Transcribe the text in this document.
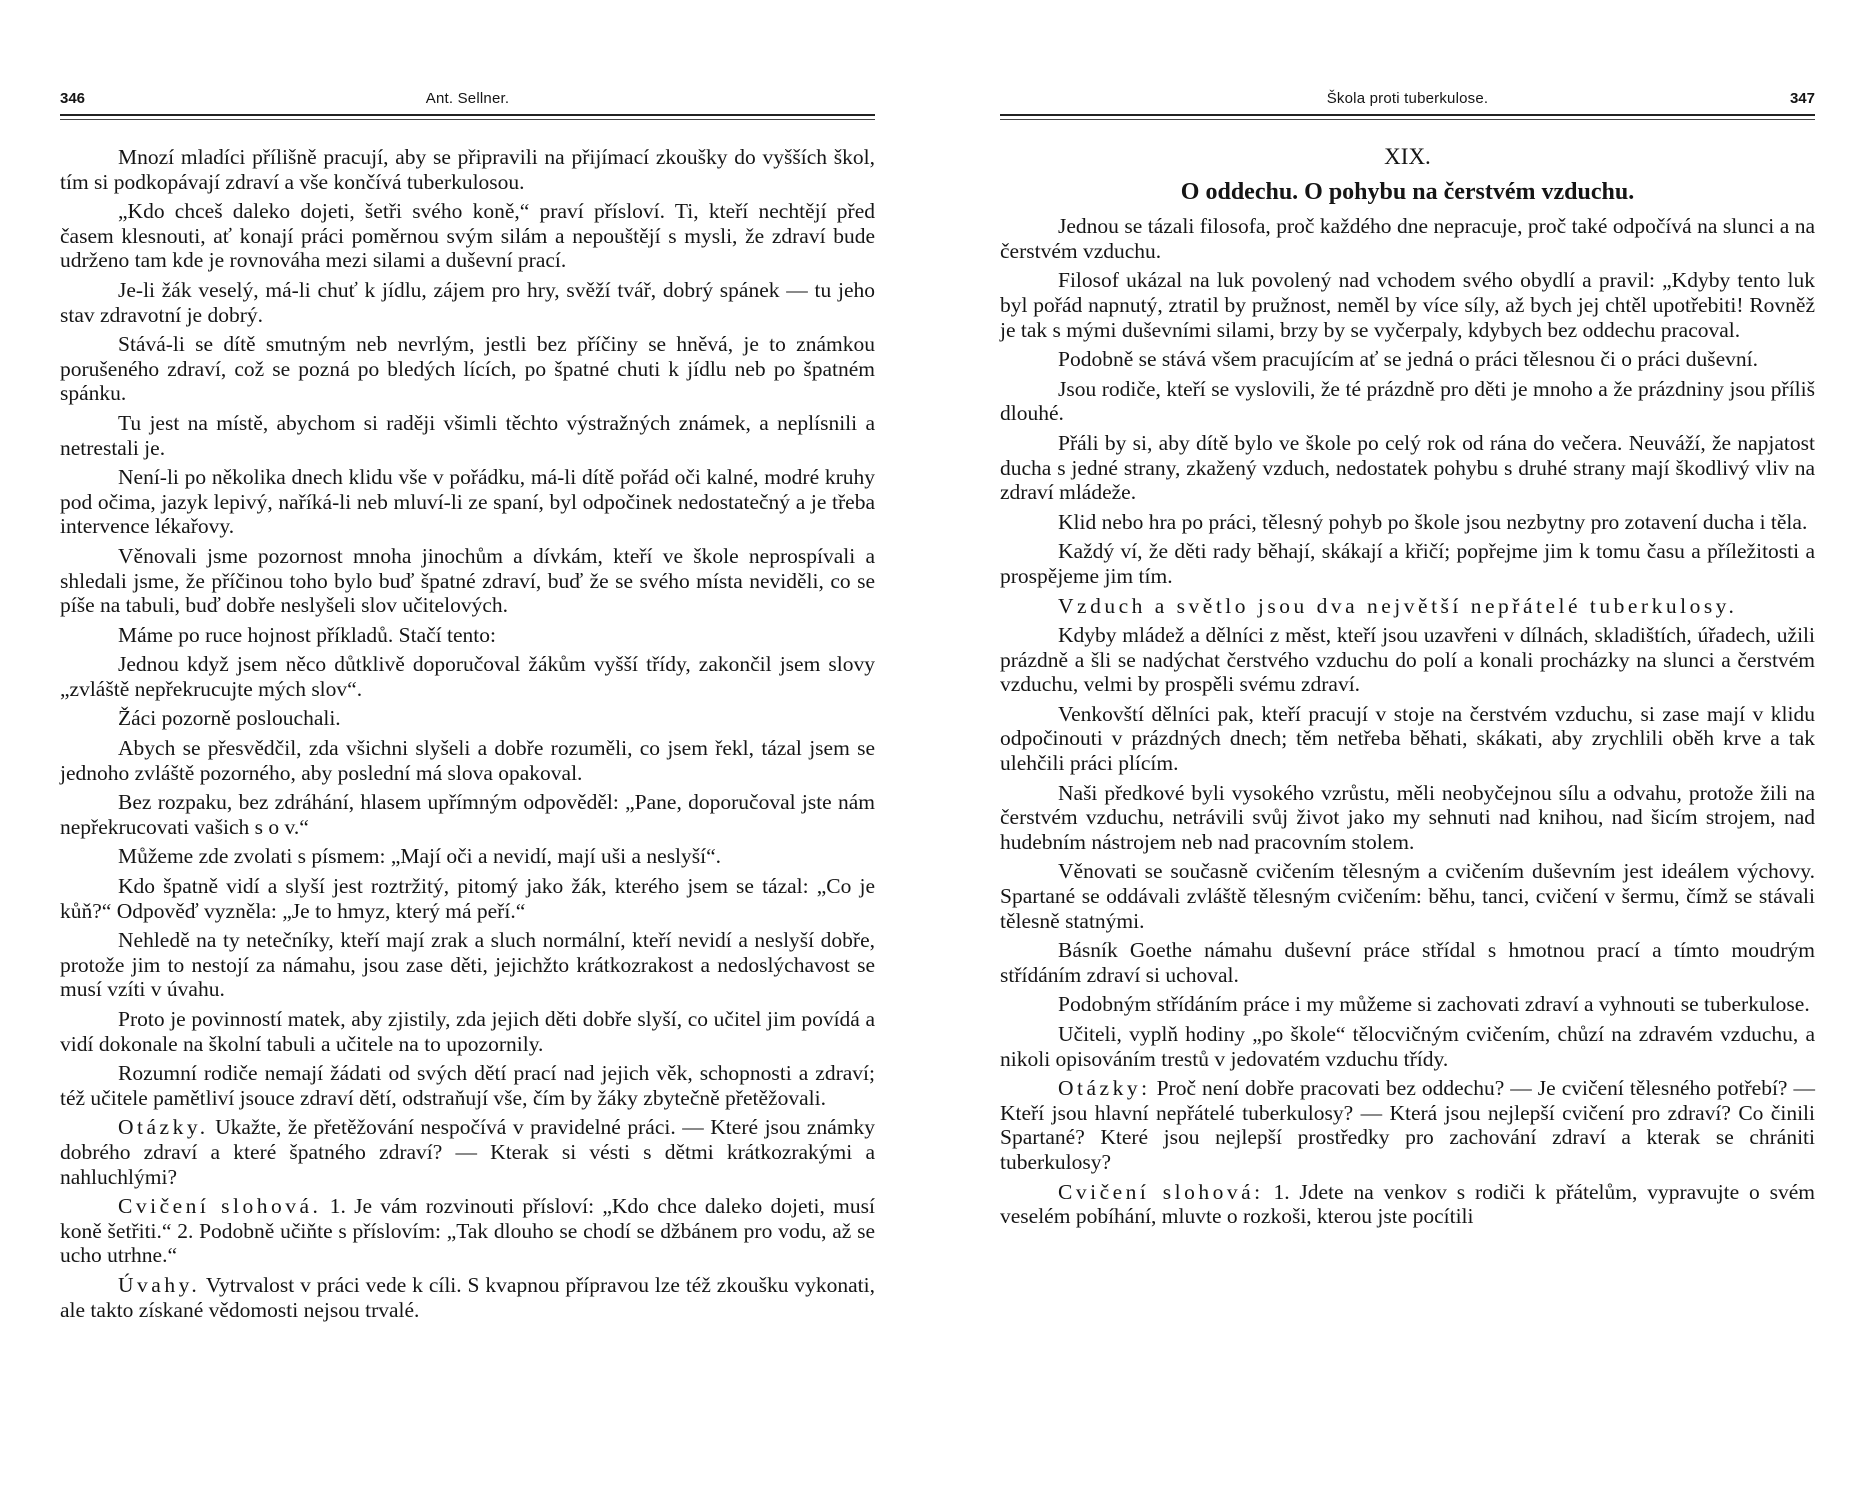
346	Ant. Sellner.

Mnozí mladíci přílišně pracují, aby se připravili na přijímací zkoušky do vyšších škol, tím si podkopávají zdraví a vše končívá tuberkulosou.

„Kdo chceš daleko dojeti, šetři svého koně,“ praví přísloví. Ti, kteří nechtějí před časem klesnouti, ať konají práci poměrnou svým silám a nepouštějí s mysli, že zdraví bude udrženo tam kde je rovnováha mezi silami a duševní prací.

Je-li žák veselý, má-li chuť k jídlu, zájem pro hry, svěží tvář, dobrý spánek — tu jeho stav zdravotní je dobrý.

Stává-li se dítě smutným neb nevrlým, jestli bez příčiny se hněvá, je to známkou porušeného zdraví, což se pozná po bledých lících, po špatné chuti k jídlu neb po špatném spánku.

Tu jest na místě, abychom si raději všimli těchto výstražných známek, a neplísnili a netrestali je.

Není-li po několika dnech klidu vše v pořádku, má-li dítě pořád oči kalné, modré kruhy pod očima, jazyk lepivý, naříká-li neb mluví-li ze spaní, byl odpočinek nedostatečný a je třeba intervence lékařovy.

Věnovali jsme pozornost mnoha jinochům a dívkám, kteří ve škole neprospívali a shledali jsme, že příčinou toho bylo buď špatné zdraví, buď že se svého místa neviděli, co se píše na tabuli, buď dobře neslyšeli slov učitelových.

Máme po ruce hojnost příkladů. Stačí tento:

Jednou když jsem něco důtklivě doporučoval žákům vyšší třídy, zakončil jsem slovy „zvláště nepřekrucujte mých slov“.

Žáci pozorně poslouchali.

Abych se přesvědčil, zda všichni slyšeli a dobře rozuměli, co jsem řekl, tázal jsem se jednoho zvláště pozorného, aby poslední má slova opakoval.

Bez rozpaku, bez zdráhání, hlasem upřímným odpověděl: „Pane, doporučoval jste nám nepřekrucovati vašich s o v.“

Můžeme zde zvolati s písmem: „Mají oči a nevidí, mají uši a neslyší“.

Kdo špatně vidí a slyší jest roztržitý, pitomý jako žák, kterého jsem se tázal: „Co je kůň?“ Odpověď vyzněla: „Je to hmyz, který má peří.“

Nehledě na ty netečníky, kteří mají zrak a sluch normální, kteří nevidí a neslyší dobře, protože jim to nestojí za námahu, jsou zase děti, jejichžto krátkozrakost a nedoslýchavost se musí vzíti v úvahu.

Proto je povinností matek, aby zjistily, zda jejich děti dobře slyší, co učitel jim povídá a vidí dokonale na školní tabuli a učitele na to upozornily.

Rozumní rodiče nemají žádati od svých dětí prací nad jejich věk, schopnosti a zdraví; též učitele pamětliví jsouce zdraví dětí, odstraňují vše, čím by žáky zbytečně přetěžovali.

Otázky. Ukažte, že přetěžování nespočívá v pravidelné práci. — Které jsou známky dobrého zdraví a které špatného zdraví? — Kterak si vésti s dětmi krátkozrakými a nahluchlými?

Cvičení slohová. 1. Je vám rozvinouti přísloví: „Kdo chce daleko dojeti, musí koně šetřiti.“ 2. Podobně učiňte s příslovím: „Tak dlouho se chodí se džbánem pro vodu, až se ucho utrhne.“

Úvahy. Vytrvalost v práci vede k cíli. S kvapnou přípravou lze též zkoušku vykonati, ale takto získané vědomosti nejsou trvalé.

Škola proti tuberkulose.	347
XIX.
O oddechu. O pohybu na čerstvém vzduchu.

Jednou se tázali filosofa, proč každého dne nepracuje, proč také odpočívá na slunci a na čerstvém vzduchu.

Filosof ukázal na luk povolený nad vchodem svého obydlí a pravil: „Kdyby tento luk byl pořád napnutý, ztratil by pružnost, neměl by více síly, až bych jej chtěl upotřebiti! Rovněž je tak s mými duševními silami, brzy by se vyčerpaly, kdybych bez oddechu pracoval.

Podobně se stává všem pracujícím ať se jedná o práci tělesnou či o práci duševní.

Jsou rodiče, kteří se vyslovili, že té prázdně pro děti je mnoho a že prázdniny jsou příliš dlouhé.

Přáli by si, aby dítě bylo ve škole po celý rok od rána do večera. Neuváží, že napjatost ducha s jedné strany, zkažený vzduch, nedostatek pohybu s druhé strany mají škodlivý vliv na zdraví mládeže.

Klid nebo hra po práci, tělesný pohyb po škole jsou nezbytny pro zotavení ducha i těla.

Každý ví, že děti rady běhají, skákají a křičí; popřejme jim k tomu času a příležitosti a prospějeme jim tím.

Vzduch a světlo jsou dva největší nepřátelé tuberkulosy.

Kdyby mládež a dělníci z měst, kteří jsou uzavřeni v dílnách, skladištích, úřadech, užili prázdně a šli se nadýchat čerstvého vzduchu do polí a konali procházky na slunci a čerstvém vzduchu, velmi by prospěli svému zdraví.

Venkovští dělníci pak, kteří pracují v stoje na čerstvém vzduchu, si zase mají v klidu odpočinouti v prázdných dnech; těm netřeba běhati, skákati, aby zrychlili oběh krve a tak ulehčili práci plícím.

Naši předkové byli vysokého vzrůstu, měli neobyčejnou sílu a odvahu, protože žili na čerstvém vzduchu, netrávili svůj život jako my sehnuti nad knihou, nad šicím strojem, nad hudebním nástrojem neb nad pracovním stolem.

Věnovati se současně cvičením tělesným a cvičením duševním jest ideálem výchovy. Spartané se oddávali zvláště tělesným cvičením: běhu, tanci, cvičení v šermu, čímž se stávali tělesně statnými.

Básník Goethe námahu duševní práce střídal s hmotnou prací a tímto moudrým střídáním zdraví si uchoval.

Podobným střídáním práce i my můžeme si zachovati zdraví a vyhnouti se tuberkulose.

Učiteli, vyplň hodiny „po škole“ tělocvičným cvičením, chůzí na zdravém vzduchu, a nikoli opisováním trestů v jedovatém vzduchu třídy.

Otázky: Proč není dobře pracovati bez oddechu? — Je cvičení tělesného potřebí? — Kteří jsou hlavní nepřátelé tuberkulosy? — Která jsou nejlepší cvičení pro zdraví? Co činili Spartané? Které jsou nejlepší prostředky pro zachování zdraví a kterak se chrániti tuberkulosy?

Cvičení slohová: 1. Jdete na venkov s rodiči k přátelům, vypravujte o svém veselém pobíhání, mluvte o rozkoši, kterou jste pocítili
